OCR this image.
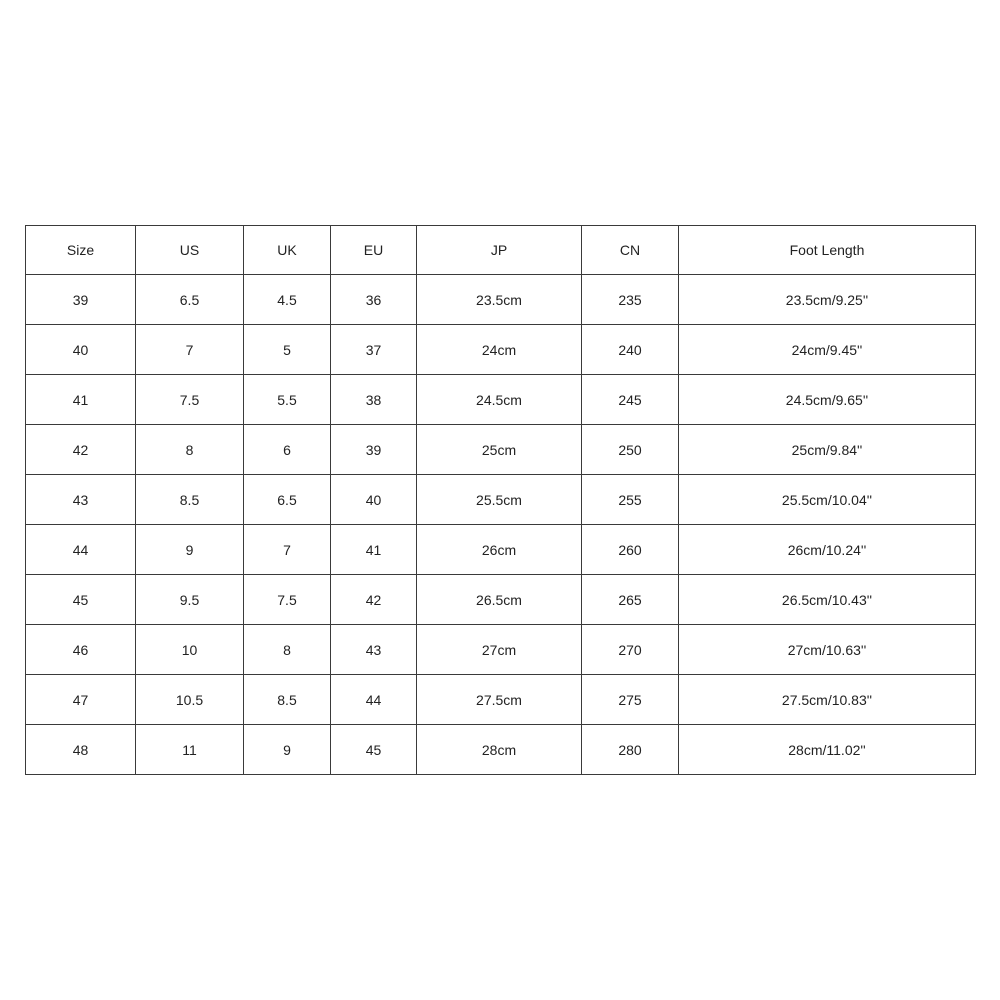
Size	US	UK	EU	JP	CN	Foot Length
39	6.5	4.5	36	23.5cm	235	23.5cm/9.25''
40	7	5	37	24cm	240	24cm/9.45''
41	7.5	5.5	38	24.5cm	245	24.5cm/9.65''
42	8	6	39	25cm	250	25cm/9.84''
43	8.5	6.5	40	25.5cm	255	25.5cm/10.04''
44	9	7	41	26cm	260	26cm/10.24''
45	9.5	7.5	42	26.5cm	265	26.5cm/10.43''
46	10	8	43	27cm	270	27cm/10.63''
47	10.5	8.5	44	27.5cm	275	27.5cm/10.83''
48	11	9	45	28cm	280	28cm/11.02''
